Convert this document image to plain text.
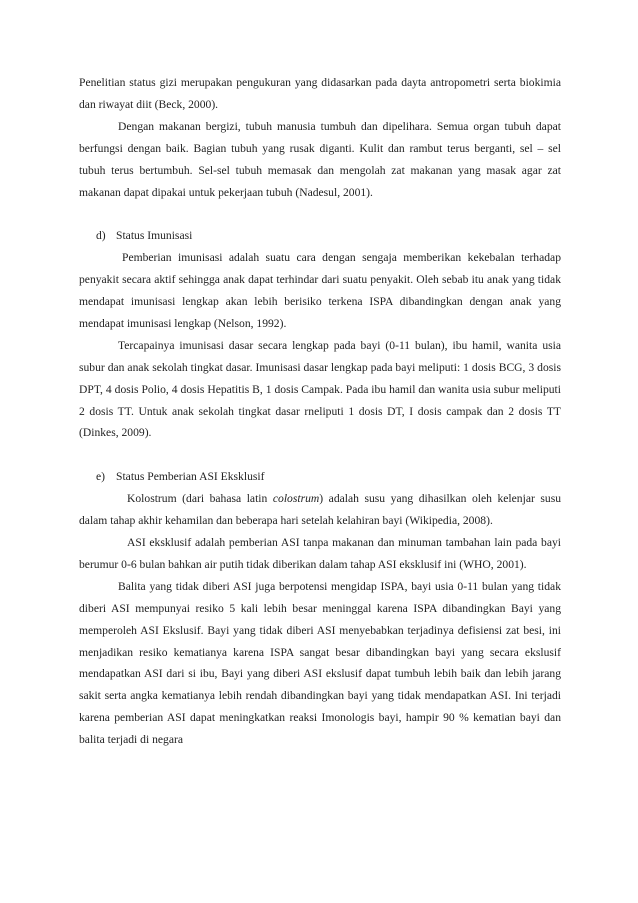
Penelitian status gizi merupakan pengukuran yang didasarkan pada dayta antropometri serta biokimia dan riwayat diit (Beck, 2000).

Dengan makanan bergizi, tubuh manusia tumbuh dan dipelihara. Semua organ tubuh dapat berfungsi dengan baik. Bagian tubuh yang rusak diganti. Kulit dan rambut terus berganti, sel – sel tubuh terus bertumbuh. Sel-sel tubuh memasak dan mengolah zat makanan yang masak agar zat makanan dapat dipakai untuk pekerjaan tubuh (Nadesul, 2001).

d) Status Imunisasi

Pemberian imunisasi adalah suatu cara dengan sengaja memberikan kekebalan terhadap penyakit secara aktif sehingga anak dapat terhindar dari suatu penyakit. Oleh sebab itu anak yang tidak mendapat imunisasi lengkap akan lebih berisiko terkena ISPA dibandingkan dengan anak yang mendapat imunisasi lengkap (Nelson, 1992).

Tercapainya imunisasi dasar secara lengkap pada bayi (0-11 bulan), ibu hamil, wanita usia subur dan anak sekolah tingkat dasar. Imunisasi dasar lengkap pada bayi meliputi: 1 dosis BCG, 3 dosis DPT, 4 dosis Polio, 4 dosis Hepatitis B, 1 dosis Campak. Pada ibu hamil dan wanita usia subur meliputi 2 dosis TT. Untuk anak sekolah tingkat dasar rneliputi 1 dosis DT, I dosis campak dan 2 dosis TT (Dinkes, 2009).

e) Status Pemberian ASI Eksklusif

Kolostrum (dari bahasa latin colostrum) adalah susu yang dihasilkan oleh kelenjar susu dalam tahap akhir kehamilan dan beberapa hari setelah kelahiran bayi (Wikipedia, 2008).

ASI eksklusif adalah pemberian ASI tanpa makanan dan minuman tambahan lain pada bayi berumur 0-6 bulan bahkan air putih tidak diberikan dalam tahap ASI eksklusif ini (WHO, 2001).

Balita yang tidak diberi ASI juga berpotensi mengidap ISPA, bayi usia 0-11 bulan yang tidak diberi ASI mempunyai resiko 5 kali lebih besar meninggal karena ISPA dibandingkan Bayi yang memperoleh ASI Ekslusif. Bayi yang tidak diberi ASI menyebabkan terjadinya defisiensi zat besi, ini menjadikan resiko kematianya karena ISPA sangat besar dibandingkan bayi yang secara ekslusif mendapatkan ASI dari si ibu, Bayi yang diberi ASI ekslusif dapat tumbuh lebih baik dan lebih jarang sakit serta angka kematianya lebih rendah dibandingkan bayi yang tidak mendapatkan ASI. Ini terjadi karena pemberian ASI dapat meningkatkan reaksi Imonologis bayi, hampir 90 % kematian bayi dan balita terjadi di negara
